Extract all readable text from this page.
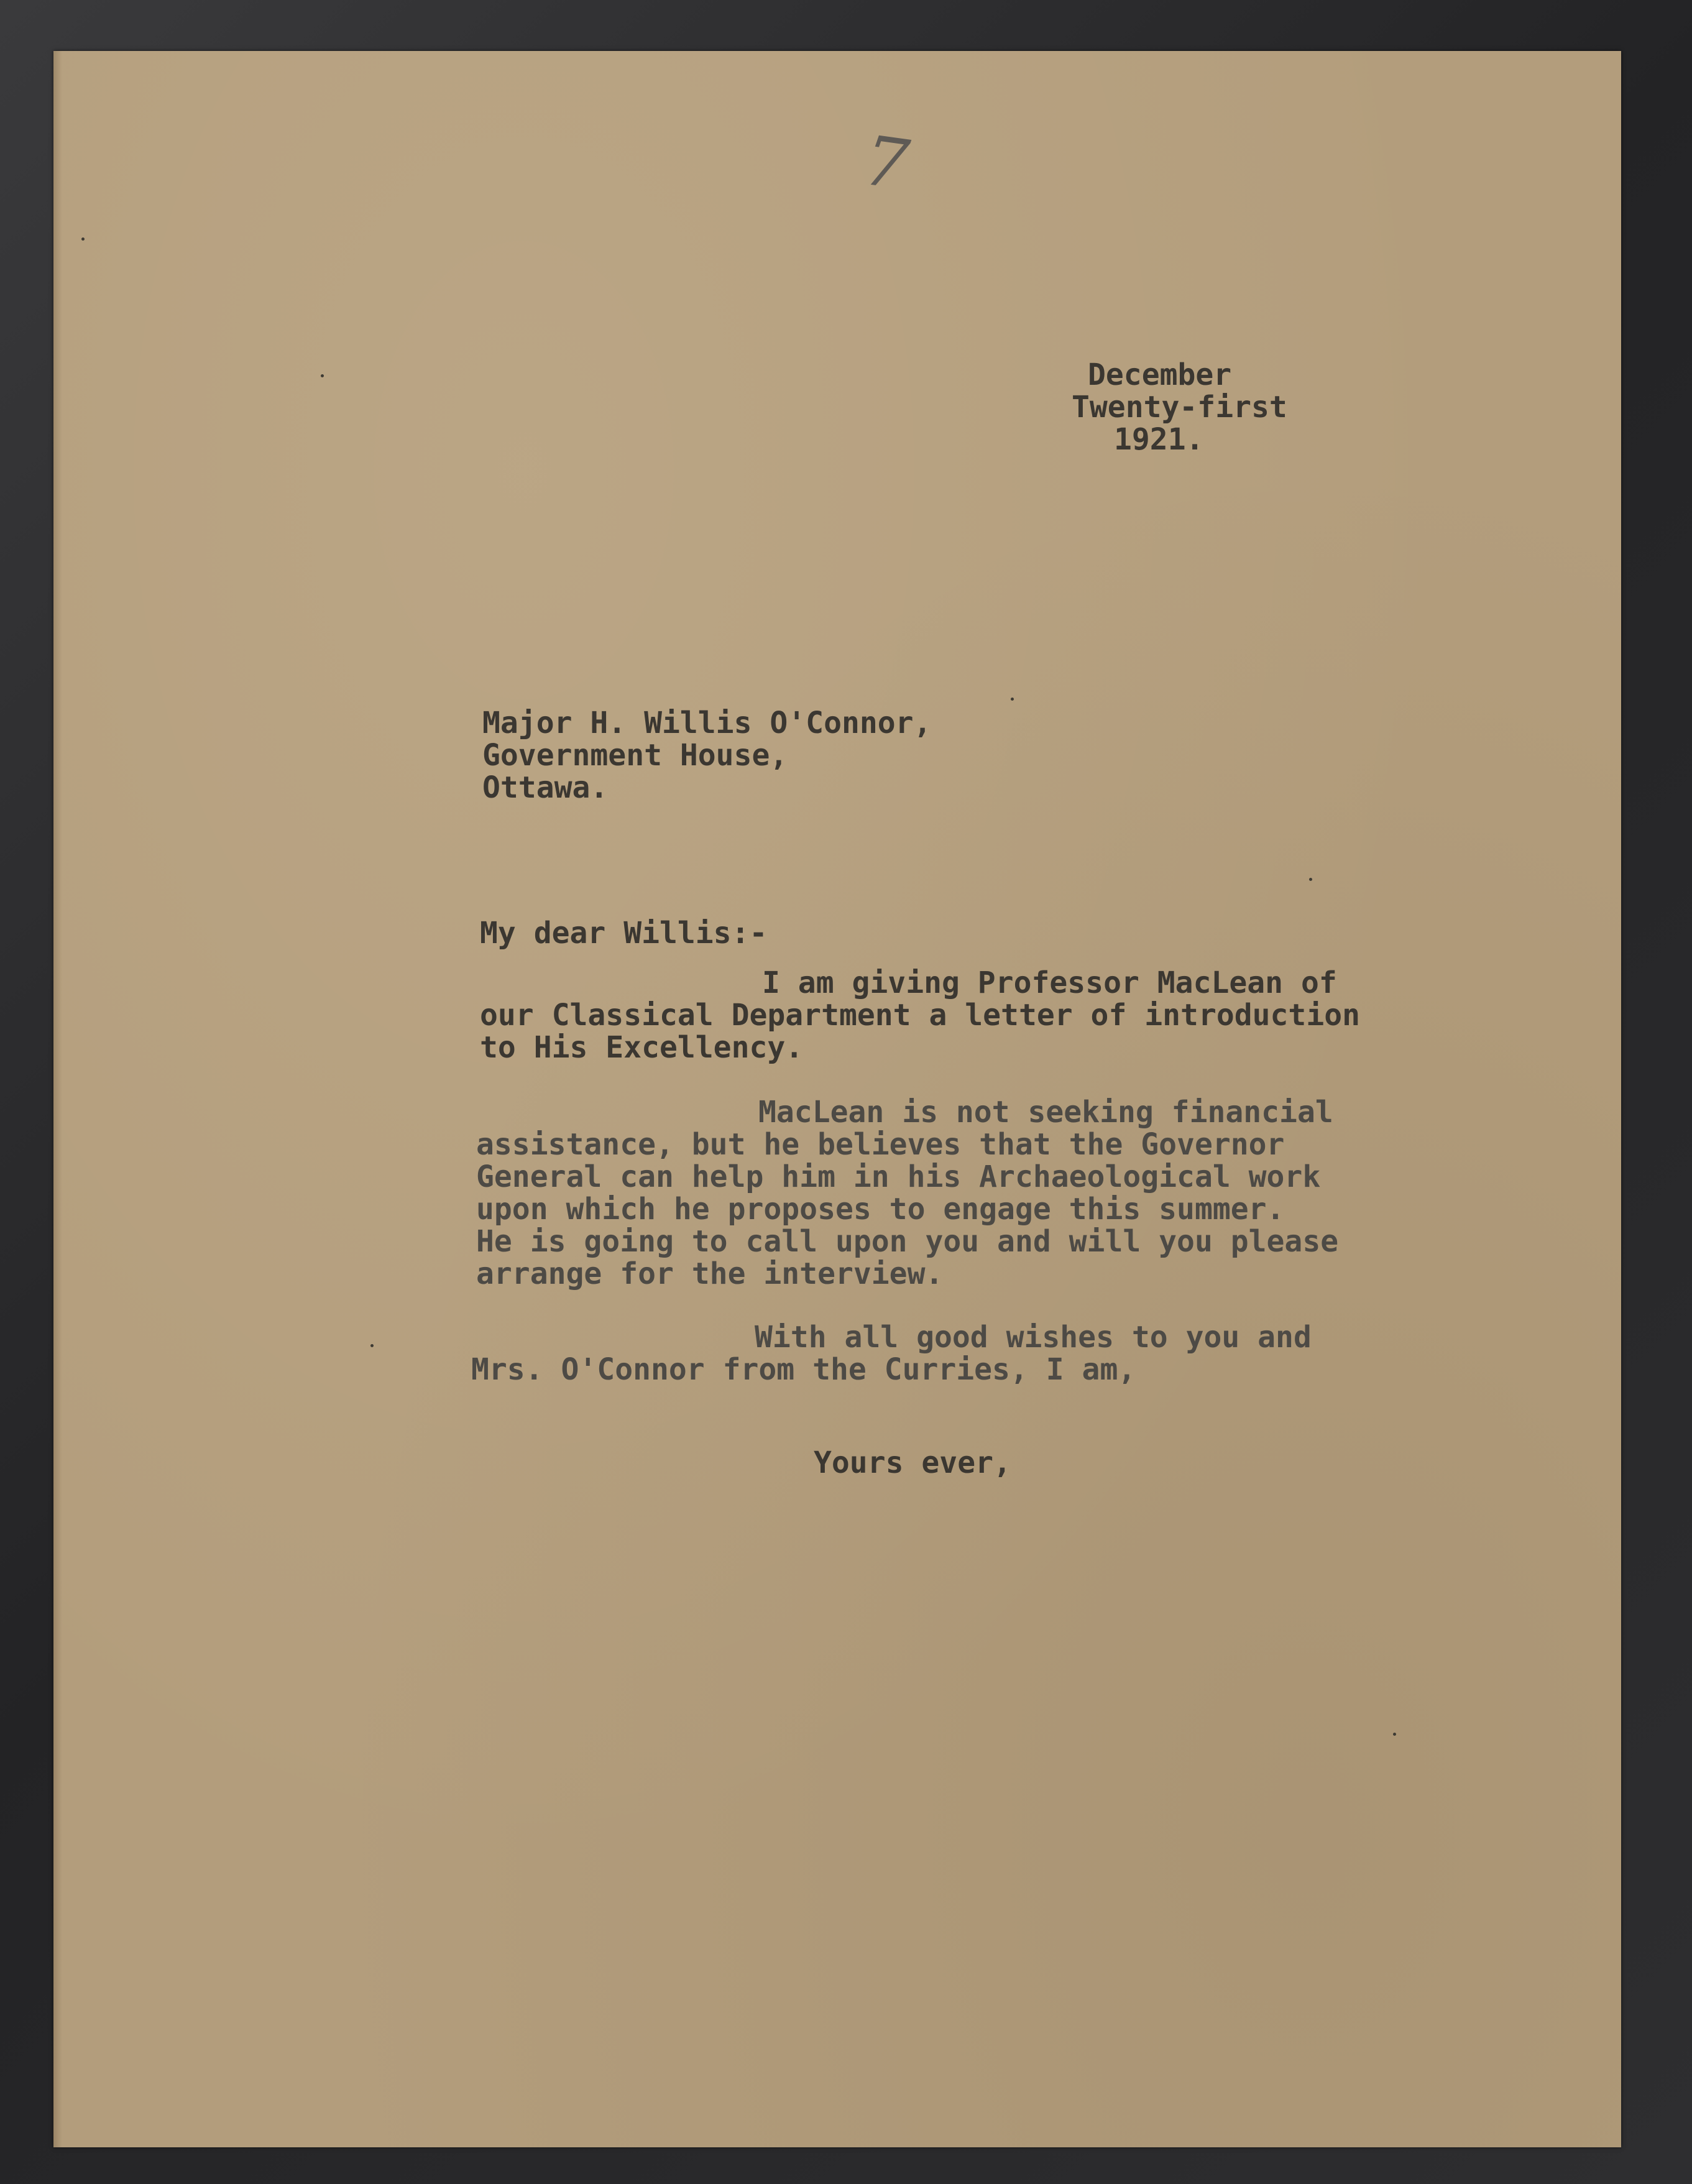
7

December

Twenty-first

1921.

Major H. Willis O'Connor,

Government House,

Ottawa.

My dear Willis:-

I am giving Professor MacLean of

our Classical Department a letter of introduction

to His Excellency.

MacLean is not seeking financial

assistance, but he believes that the Governor

General can help him in his Archaeological work

upon which he proposes to engage this summer.

He is going to call upon you and will you please

arrange for the interview.

With all good wishes to you and

Mrs. O'Connor from the Curries, I am,

Yours ever,
